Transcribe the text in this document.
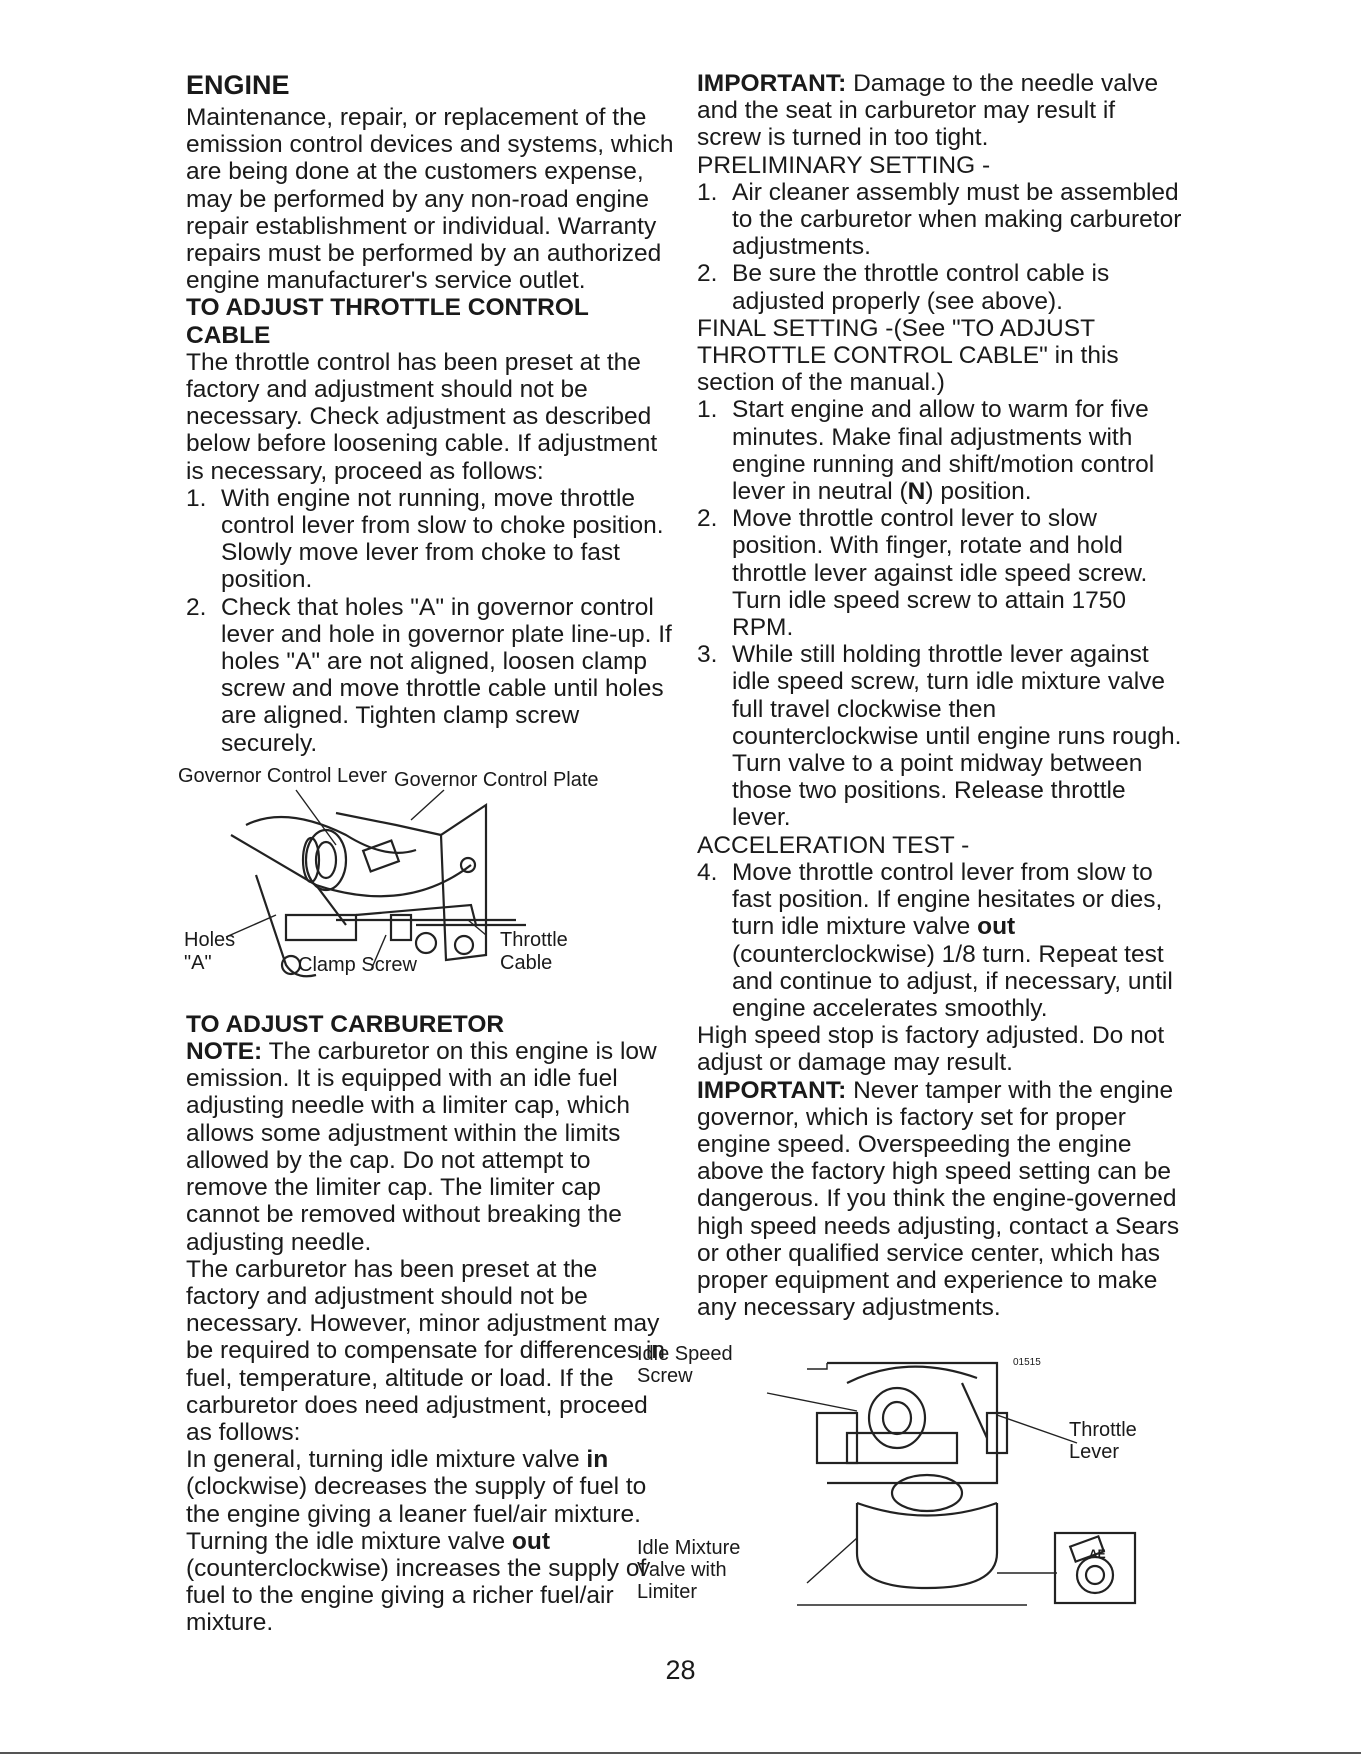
ENGINE

Maintenance, repair, or replacement of the emission control devices and systems, which are being done at the customers expense, may be performed by any non-road engine repair establishment or individual. Warranty repairs must be performed by an authorized engine manufacturer's service outlet.

TO ADJUST THROTTLE CONTROL CABLE

The throttle control has been preset at the factory and adjustment should not be necessary. Check adjustment as described below before loosening cable. If adjustment is necessary, proceed as follows:

1. With engine not running, move throttle control lever from slow to choke position. Slowly move lever from choke to fast position.
2. Check that holes "A" in governor control lever and hole in governor plate line-up. If holes "A" are not aligned, loosen clamp screw and move throttle cable until holes are aligned. Tighten clamp screw securely.
Governor Control Lever Governor Control Plate
Holes
"A"	Clamp Screw
Throttle
Cable
TO ADJUST CARBURETOR

NOTE: The carburetor on this engine is low emission. It is equipped with an idle fuel adjusting needle with a limiter cap, which allows some adjustment within the limits allowed by the cap. Do not attempt to remove the limiter cap. The limiter cap cannot be removed without breaking the adjusting needle.

The carburetor has been preset at the factory and adjustment should not be necessary. However, minor adjustment may be required to compensate for differences in fuel, temperature, altitude or load. If the carburetor does need adjustment, proceed as follows:

In general, turning idle mixture valve in (clockwise) decreases the supply of fuel to the engine giving a leaner fuel/air mixture. Turning the idle mixture valve out (counterclockwise) increases the supply of fuel to the engine giving a richer fuel/air mixture.

IMPORTANT: Damage to the needle valve and the seat in carburetor may result if screw is turned in too tight.

PRELIMINARY SETTING -

1. Air cleaner assembly must be assembled to the carburetor when making carburetor adjustments.
2. Be sure the throttle control cable is adjusted properly (see above).

FINAL SETTING -(See "TO ADJUST THROTTLE CONTROL CABLE" in this section of the manual.)

1. Start engine and allow to warm for five minutes. Make final adjustments with engine running and shift/motion control lever in neutral (N) position.
2. Move throttle control lever to slow position. With finger, rotate and hold throttle lever against idle speed screw. Turn idle speed screw to attain 1750 RPM.
3. While still holding throttle lever against idle speed screw, turn idle mixture valve full travel clockwise then counterclockwise until engine runs rough. Turn valve to a point midway between those two positions. Release throttle lever.

ACCELERATION TEST -

4. Move throttle control lever from slow to fast position. If engine hesitates or dies, turn idle mixture valve out (counterclockwise) 1/8 turn. Repeat test and continue to adjust, if necessary, until engine accelerates smoothly.

High speed stop is factory adjusted. Do not adjust or damage may result.

IMPORTANT: Never tamper with the engine governor, which is factory set for proper engine speed. Overspeeding the engine above the factory high speed setting can be dangerous. If you think the engine-governed high speed needs adjusting, contact a Sears or other qualified service center, which has proper equipment and experience to make any necessary adjustments.

Idle Speed
Screw
01515
AE
Throttle
Lever
Idle Mixture
Valve with
Limiter
28
